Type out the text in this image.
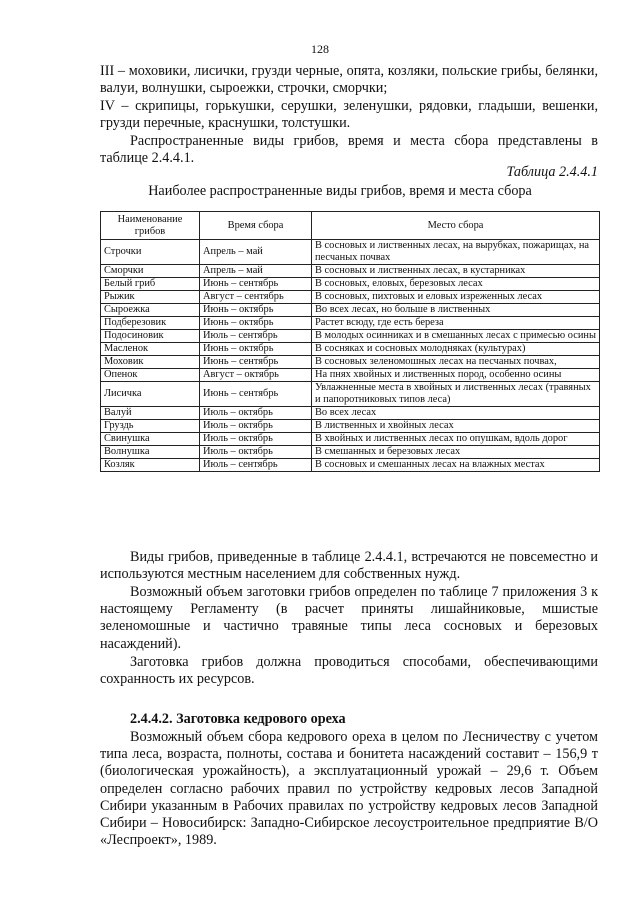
128

III – моховики, лисички, грузди черные, опята, козляки, польские грибы, белянки, валуи, волнушки, сыроежки, строчки, сморчки;

IV – скрипицы, горькушки, серушки, зеленушки, рядовки, гладыши, вешенки, грузди перечные, краснушки, толстушки.

Распространенные виды грибов, время и места сбора представлены в таблице 2.4.4.1.

Таблица 2.4.4.1
Наиболее распространенные виды грибов, время и места сбора
Наименование грибов	Время сбора	Место сбора
Строчки	Апрель – май	В сосновых и лиственных лесах, на вырубках, пожарищах, на песчаных почвах
Сморчки	Апрель – май	В сосновых и лиственных лесах, в кустарниках
Белый гриб	Июнь – сентябрь	В сосновых, еловых, березовых лесах
Рыжик	Август – сентябрь	В сосновых, пихтовых и еловых изреженных лесах
Сыроежка	Июнь – октябрь	Во всех лесах, но больше в лиственных
Подберезовик	Июнь – октябрь	Растет всюду, где есть береза
Подосиновик	Июль – сентябрь	В молодых осинниках и в смешанных лесах с примесью осины
Масленок	Июнь – октябрь	В сосняках и сосновых молодняках (культурах)
Моховик	Июнь – сентябрь	В сосновых зеленомошных лесах на песчаных почвах,
Опенок	Август – октябрь	На пнях хвойных и лиственных пород, особенно осины
Лисичка	Июнь – сентябрь	Увлажненные места в хвойных и лиственных лесах (травяных и папоротниковых типов леса)
Валуй	Июль – октябрь	Во всех лесах
Груздь	Июль – октябрь	В лиственных и хвойных лесах
Свинушка	Июль – октябрь	В хвойных и лиственных лесах по опушкам, вдоль дорог
Волнушка	Июль – октябрь	В смешанных и березовых лесах
Козляк	Июль – сентябрь	В сосновых и смешанных лесах на влажных местах

Виды грибов, приведенные в таблице 2.4.4.1, встречаются не повсеместно и используются местным населением для собственных нужд.

Возможный объем заготовки грибов определен по таблице 7 приложения 3 к настоящему Регламенту (в расчет приняты лишайниковые, мшистые зеленомошные и частично травяные типы леса сосновых и березовых насаждений).

Заготовка грибов должна проводиться способами, обеспечивающими сохранность их ресурсов.

2.4.4.2. Заготовка кедрового ореха

Возможный объем сбора кедрового ореха в целом по Лесничеству с учетом типа леса, возраста, полноты, состава и бонитета насаждений составит – 156,9 т (биологическая урожайность), а эксплуатационный урожай – 29,6 т. Объем определен согласно рабочих правил по устройству кедровых лесов Западной Сибири указанным в Рабочих правилах по устройству кедровых лесов Западной Сибири – Новосибирск: Западно-Сибирское лесоустроительное предприятие В/О «Леспроект», 1989.
